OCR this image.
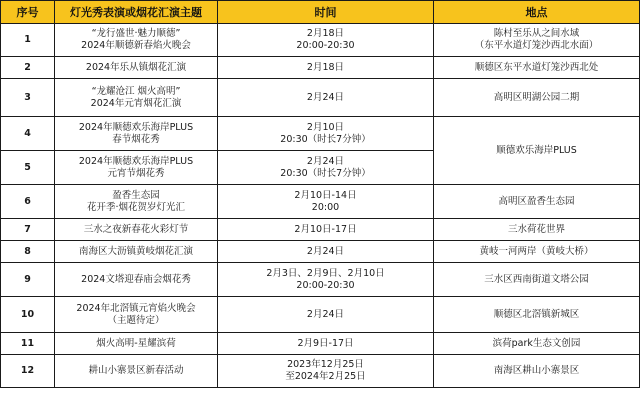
序号	灯光秀表演或烟花汇演主题	时间	地点
1	“龙行盛世·魅力顺德”
2024年顺德新春焰火晚会	2月18日
20:00-20:30	陈村至乐从之间水域
（东平水道灯笼沙西北水面）

2	2024年乐从镇烟花汇演	2月18日	顺德区东平水道灯笼沙西北处

3	“龙耀沧江 烟火高明”
2024年元宵烟花汇演	2月24日	高明区明湖公园二期

4	2024年顺德欢乐海岸PLUS
春节烟花秀	2月10日
20:30（时长7分钟）	顺德欢乐海岸PLUS

5	2024年顺德欢乐海岸PLUS
元宵节烟花秀	2月24日
20:30（时长7分钟）	

6	盈香生态园
花开季·烟花贺岁灯光汇	2月10日-14日
20:00	高明区盈香生态园

7	三水之夜新春花火彩灯节	2月10日-17日	三水荷花世界

8	南海区大沥镇黄岐烟花汇演	2月24日	黄岐一河两岸（黄岐大桥）

9	2024文塔迎春庙会烟花秀	2月3日、2月9日、2月10日
20:00-20:30	三水区西南街道文塔公园

10	2024年北滘镇元宵焰火晚会
（主题待定）	2月24日	顺德区北滘镇新城区

11	烟火高明-星耀滨荷	2月9日-17日	滨荷park生态文创园

12	耕山小寨景区新春活动	2023年12月25日
至2024年2月25日	南海区耕山小寨景区
